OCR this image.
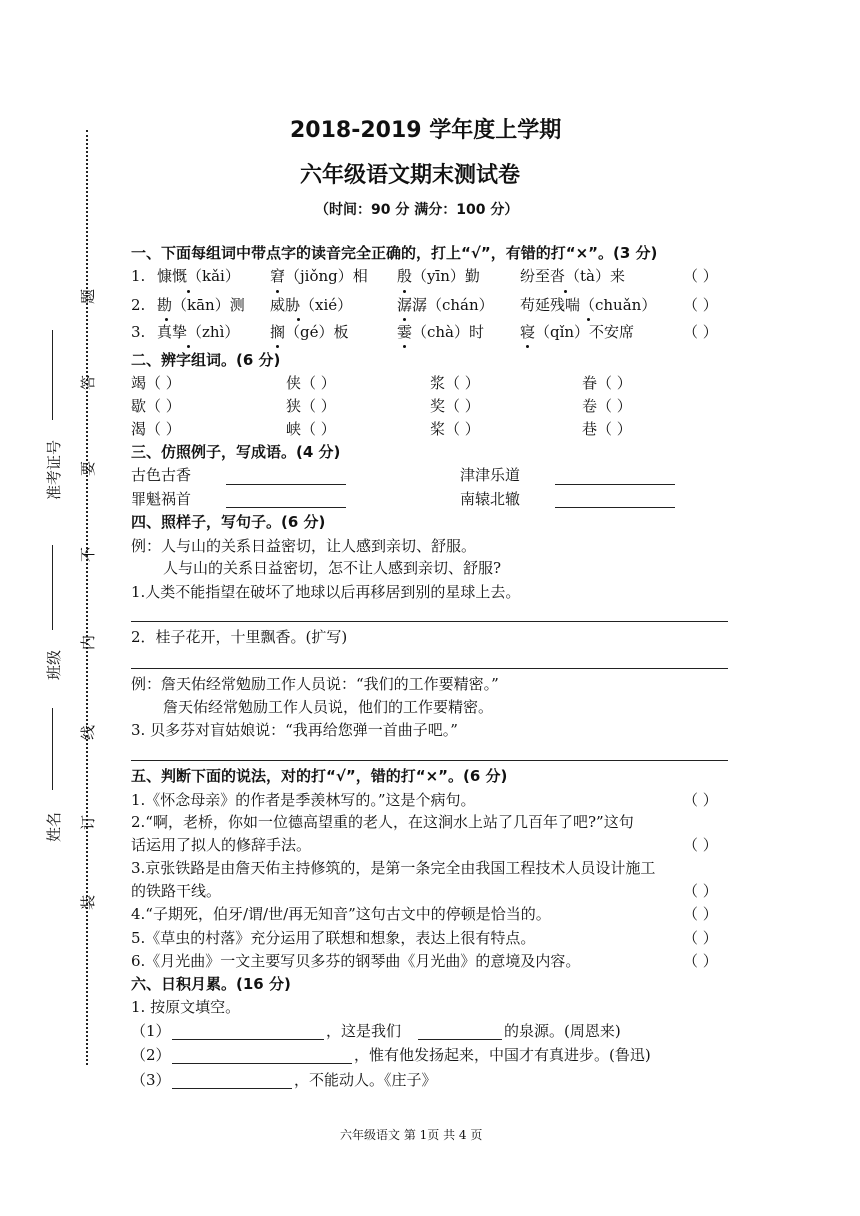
准考证号
班级
姓名
题
答
要
不
内
线
订
装
2018-2019 学年度上学期
六年级语文期末测试卷
（时间：90 分 满分：100 分）
一、下面每组词中带点字的读音完全正确的，打上“√”，有错的打“×”。(3 分)
1. 慷慨（kǎi） 窘（jiǒng）相 殷（yīn）勤	纷至沓（tà）来	（ ）
2. 勘（kān）测 威胁（xié）	潺潺（chán） 苟延残喘（chuǎn） （ ）
3. 真挚（zhì） 搁（gé）板	霎（chà）时 寝（qǐn）不安席	（ ）
二、辨字组词。(6 分)
竭（ ）	侠（ ）	浆（ ）	眷（ ）
歇（ ）	狭（ ）	奖（ ）	卷（ ）
渴（ ）	峡（ ）	桨（ ）	巷（ ）
三、仿照例子，写成语。(4 分)
古色古香	津津乐道
罪魁祸首	南辕北辙
四、照样子，写句子。(6 分)
例：人与山的关系日益密切，让人感到亲切、舒服。
人与山的关系日益密切，怎不让人感到亲切、舒服?
1.人类不能指望在破坏了地球以后再移居到别的星球上去。
2．桂子花开，十里飘香。(扩写)
例：詹天佑经常勉励工作人员说：“我们的工作要精密。”
詹天佑经常勉励工作人员说，他们的工作要精密。
3. 贝多芬对盲姑娘说：“我再给您弹一首曲子吧。”
五、判断下面的说法，对的打“√”，错的打“×”。(6 分)
1.《怀念母亲》的作者是季羡林写的。”这是个病句。	（ ）
2.“啊，老桥，你如一位德高望重的老人，在这涧水上站了几百年了吧?”这句
话运用了拟人的修辞手法。	（ ）
3.京张铁路是由詹天佑主持修筑的，是第一条完全由我国工程技术人员设计施工
的铁路干线。	（ ）
4.“子期死，伯牙/谓/世/再无知音”这句古文中的停顿是恰当的。	（ ）
5.《草虫的村落》充分运用了联想和想象，表达上很有特点。	（ ）
6.《月光曲》一文主要写贝多芬的钢琴曲《月光曲》的意境及内容。	（ ）
六、日积月累。(16 分)
1. 按原文填空。
（1）	，这是我们	的泉源。(周恩来)
（2）	，惟有他发扬起来，中国才有真进步。(鲁迅)
（3）	，不能动人。《庄子》
六年级语文 第 1页 共 4 页
